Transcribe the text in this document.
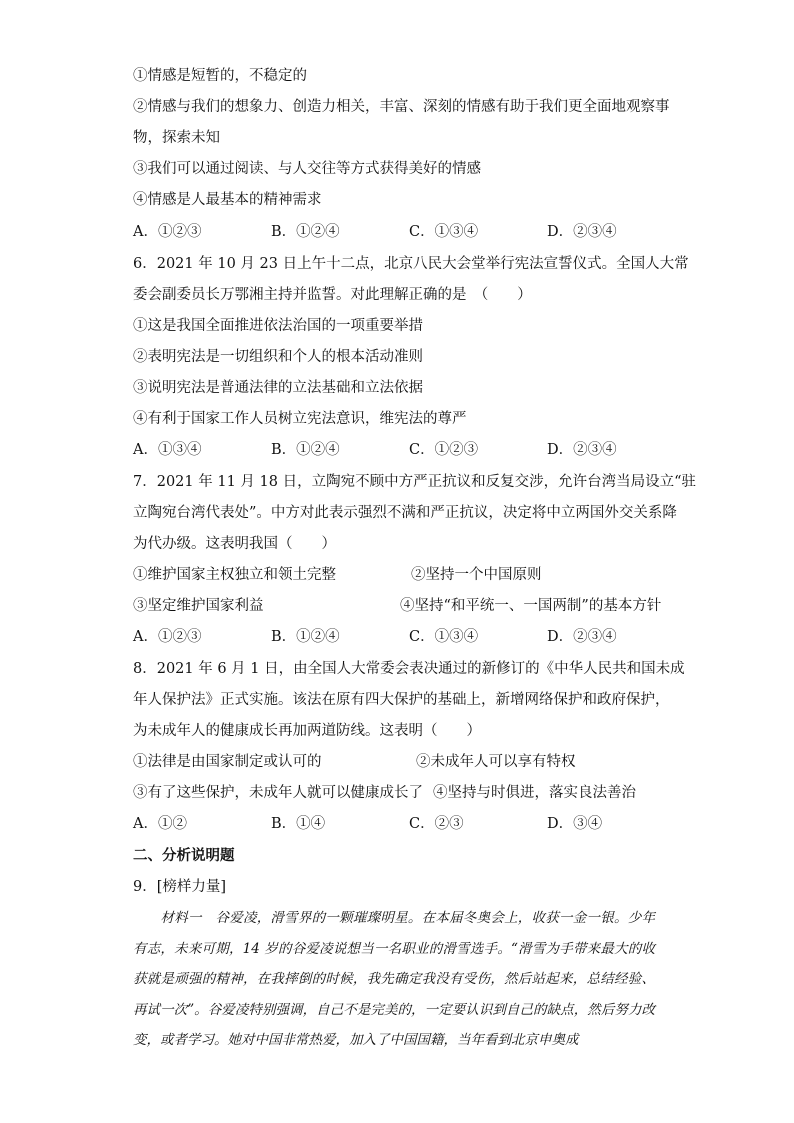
①情感是短暂的，不稳定的
②情感与我们的想象力、创造力相关，丰富、深刻的情感有助于我们更全面地观察事
物，探索未知
③我们可以通过阅读、与人交往等方式获得美好的情感
④情感是人最基本的精神需求
A．①②③	B．①②④	C．①③④	D．②③④
6．2021 年 10 月 23 日上午十二点，北京八民大会堂举行宪法宣誓仪式。全国人大常
委会副委员长万鄂湘主持并监誓。对此理解正确的是　（　　）
①这是我国全面推进依法治国的一项重要举措
②表明宪法是一切组织和个人的根本活动准则
③说明宪法是普通法律的立法基础和立法依据
④有利于国家工作人员树立宪法意识，维宪法的尊严
A．①③④	B．①②④	C．①②③	D．②③④
7．2021 年 11 月 18 日，立陶宛不顾中方严正抗议和反复交涉，允许台湾当局设立“驻
立陶宛台湾代表处”。中方对此表示强烈不满和严正抗议，决定将中立两国外交关系降
为代办级。这表明我国（　　）
①维护国家主权独立和领土完整	②坚持一个中国原则
③坚定维护国家利益	④坚持“和平统一、一国两制”的基本方针
A．①②③	B．①②④	C．①③④	D．②③④
8．2021 年 6 月 1 日，由全国人大常委会表决通过的新修订的《中华人民共和国未成
年人保护法》正式实施。该法在原有四大保护的基础上，新增网络保护和政府保护，
为未成年人的健康成长再加两道防线。这表明（　　）
①法律是由国家制定或认可的	②未成年人可以享有特权
③有了这些保护，未成年人就可以健康成长了 ④坚持与时俱进，落实良法善治
A．①②	B．①④	C．②③	D．③④
二、分析说明题
9．[榜样力量]
　　材料一　谷爱凌，滑雪界的一颗璀璨明星。在本届冬奥会上，收获一金一银。少年有志，未来可期，14 岁的谷爱凌说想当一名职业的滑雪选手。“滑雪为手带来最大的收获就是顽强的精神，在我摔倒的时候，我先确定我没有受伤，然后站起来，总结经验、再试一次”。谷爱凌特别强调，自己不是完美的，一定要认识到自己的缺点，然后努力改变，或者学习。她对中国非常热爱，加入了中国国籍，当年看到北京申奥成
